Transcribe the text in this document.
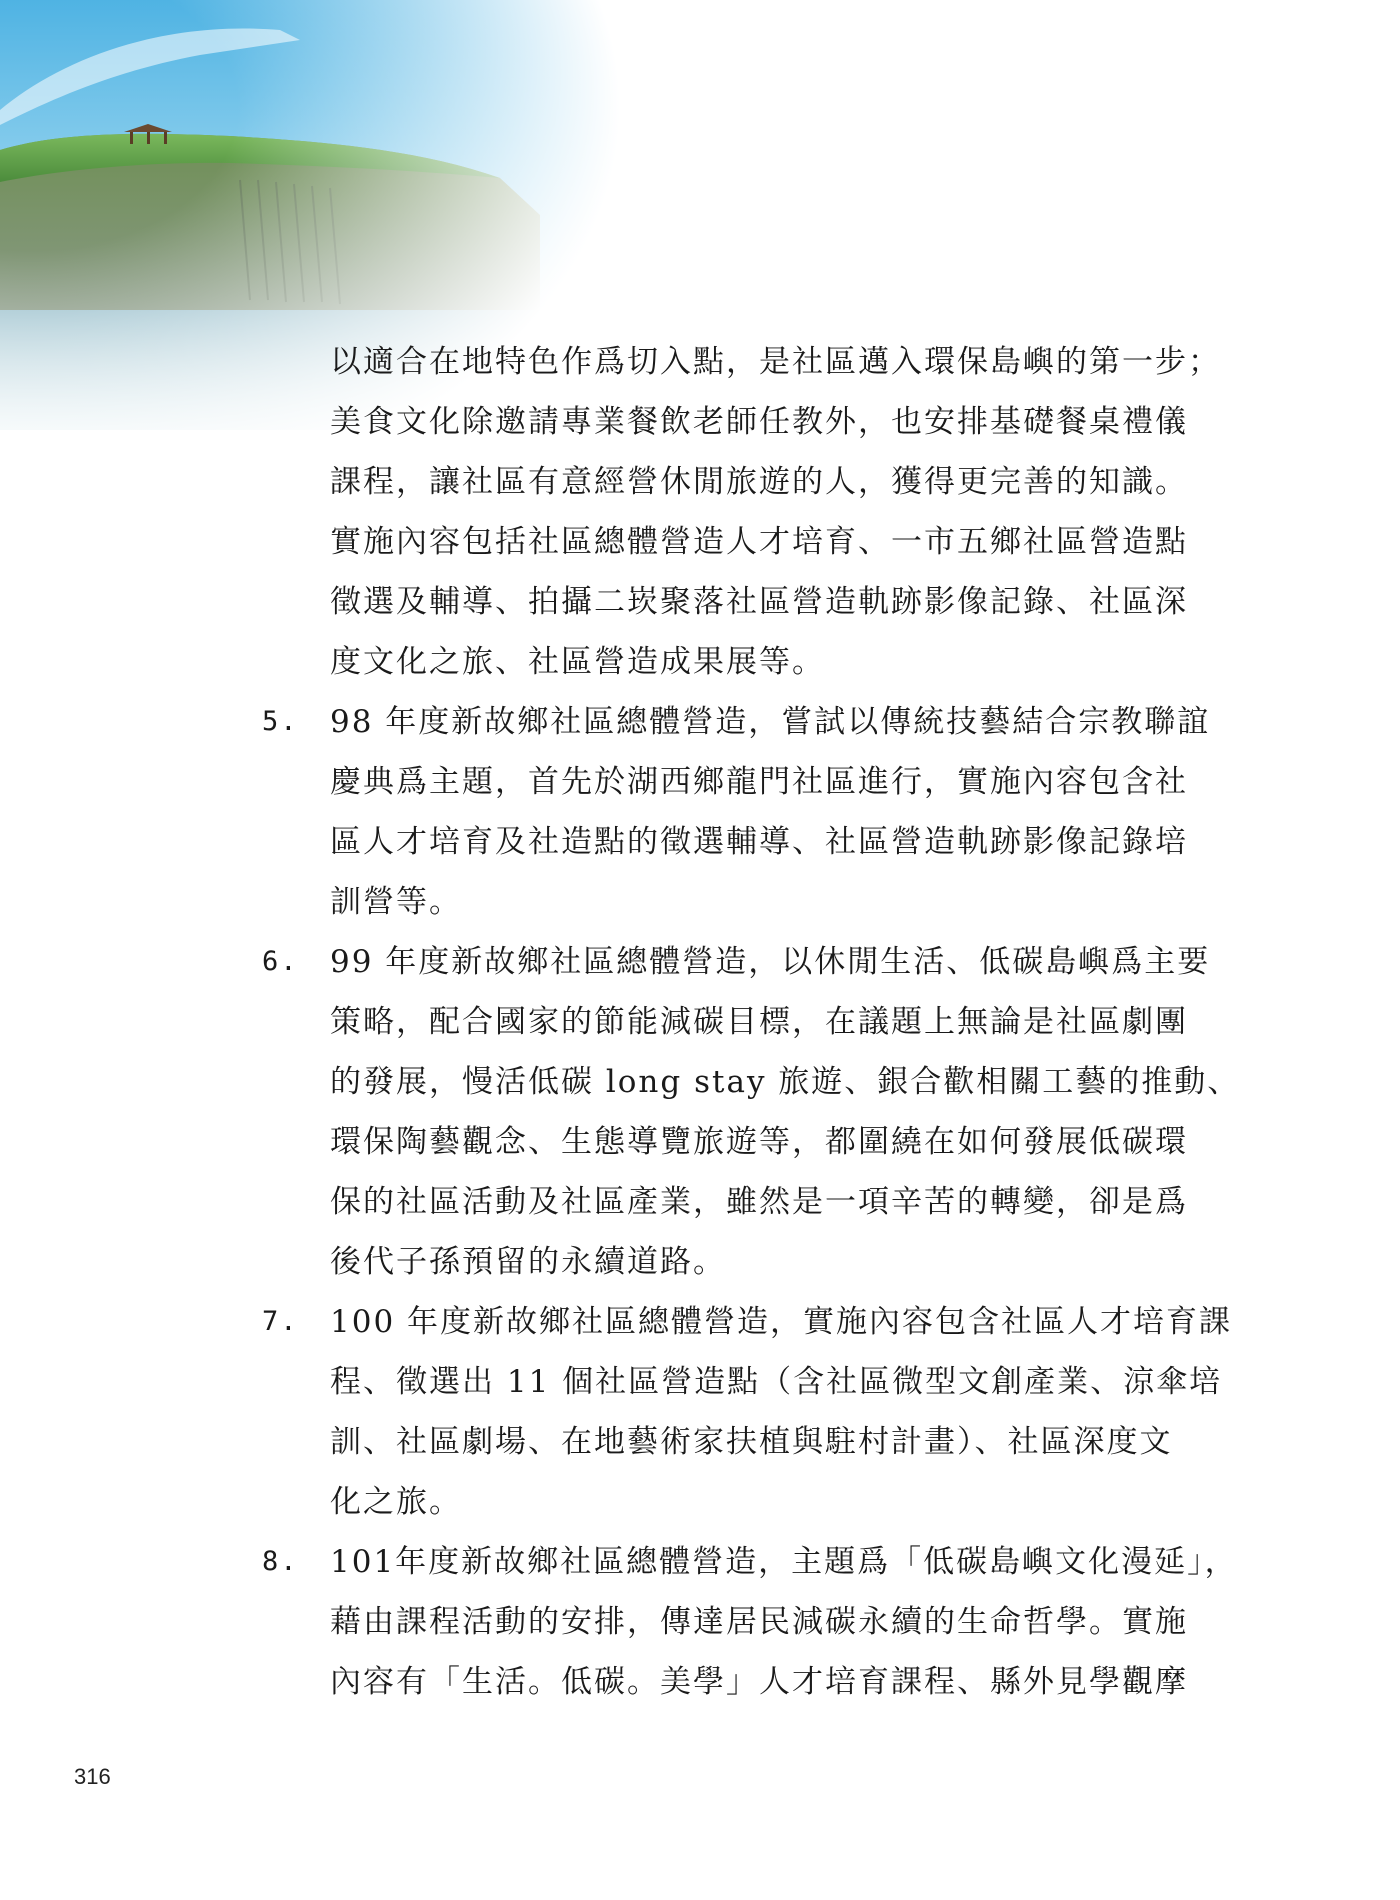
以適合在地特色作爲切入點，是社區邁入環保島嶼的第一步；
美食文化除邀請專業餐飲老師任教外，也安排基礎餐桌禮儀
課程，讓社區有意經營休閒旅遊的人，獲得更完善的知識。
實施內容包括社區總體營造人才培育、一市五鄉社區營造點
徵選及輔導、拍攝二崁聚落社區營造軌跡影像記錄、社區深
度文化之旅、社區營造成果展等。
5.	98 年度新故鄉社區總體營造，嘗試以傳統技藝結合宗教聯誼
慶典爲主題，首先於湖西鄉龍門社區進行，實施內容包含社
區人才培育及社造點的徵選輔導、社區營造軌跡影像記錄培
訓營等。
6.	99 年度新故鄉社區總體營造，以休閒生活、低碳島嶼爲主要
策略，配合國家的節能減碳目標，在議題上無論是社區劇團
的發展，慢活低碳 long stay 旅遊、銀合歡相關工藝的推動、
環保陶藝觀念、生態導覽旅遊等，都圍繞在如何發展低碳環
保的社區活動及社區產業，雖然是一項辛苦的轉變，卻是爲
後代子孫預留的永續道路。
7.	100 年度新故鄉社區總體營造，實施內容包含社區人才培育課
程、徵選出 11 個社區營造點（含社區微型文創產業、涼傘培
訓、社區劇場、在地藝術家扶植與駐村計畫）、社區深度文
化之旅。
8.	101年度新故鄉社區總體營造，主題爲「低碳島嶼文化漫延」，
藉由課程活動的安排，傳達居民減碳永續的生命哲學。實施
內容有「生活。低碳。美學」人才培育課程、縣外見學觀摩
316
